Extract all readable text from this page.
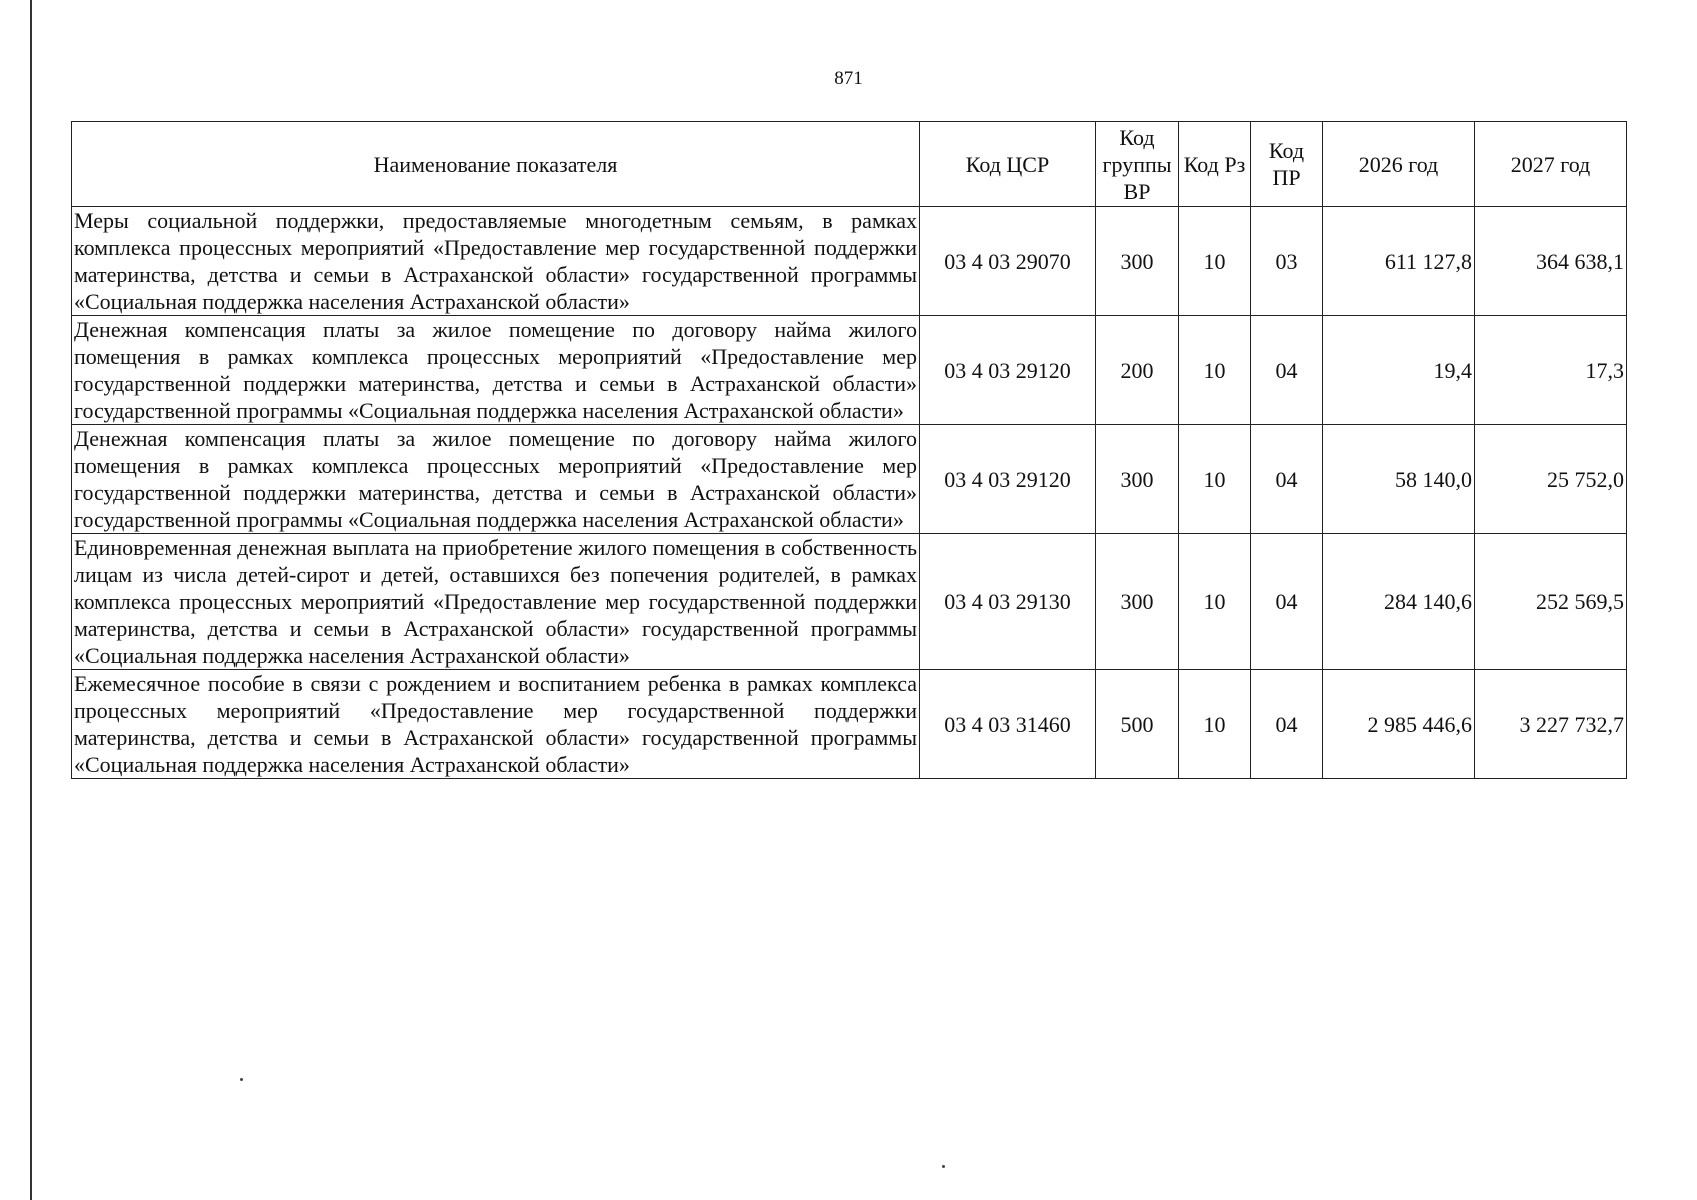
871
Наименование показателя	Код ЦСР	Код группы ВР	Код Рз	Код ПР	2026 год	2027 год
Меры социальной поддержки, предоставляемые многодетным семьям, в рамках комплекса процессных мероприятий «Предоставление мер государственной поддержки материнства, детства и семьи в Астраханской области» государственной программы «Социальная поддержка населения Астраханской области»	03 4 03 29070	300	10	03	611 127,8	364 638,1
Денежная компенсация платы за жилое помещение по договору найма жилого помещения в рамках комплекса процессных мероприятий «Предоставление мер государственной поддержки материнства, детства и семьи в Астраханской области» государственной программы «Социальная поддержка населения Астраханской области»	03 4 03 29120	200	10	04	19,4	17,3
Денежная компенсация платы за жилое помещение по договору найма жилого помещения в рамках комплекса процессных мероприятий «Предоставление мер государственной поддержки материнства, детства и семьи в Астраханской области» государственной программы «Социальная поддержка населения Астраханской области»	03 4 03 29120	300	10	04	58 140,0	25 752,0
Единовременная денежная выплата на приобретение жилого помещения в собственность лицам из числа детей-сирот и детей, оставшихся без попечения родителей, в рамках комплекса процессных мероприятий «Предоставление мер государственной поддержки материнства, детства и семьи в Астраханской области» государственной программы «Социальная поддержка населения Астраханской области»	03 4 03 29130	300	10	04	284 140,6	252 569,5
Ежемесячное пособие в связи с рождением и воспитанием ребенка в рамках комплекса процессных мероприятий «Предоставление мер государственной поддержки материнства, детства и семьи в Астраханской области» государственной программы «Социальная поддержка населения Астраханской области»	03 4 03 31460	500	10	04	2 985 446,6	3 227 732,7
